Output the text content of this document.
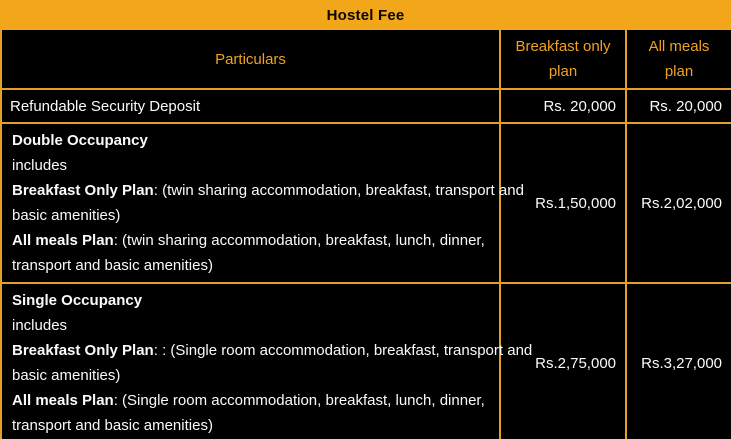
Hostel Fee
Particulars	Breakfast only plan	All meals plan

Refundable Security Deposit	Rs. 20,000	Rs. 20,000

Double Occupancy
includes
Breakfast Only Plan: (twin sharing accommodation, breakfast, transport and
basic amenities)
All meals Plan: (twin sharing accommodation, breakfast, lunch, dinner,
transport and basic amenities)
	Rs.1,50,000	Rs.2,02,000

Single Occupancy
includes
Breakfast Only Plan: : (Single room accommodation, breakfast, transport and
basic amenities)
All meals Plan: (Single room accommodation, breakfast, lunch, dinner,
transport and basic amenities)
	Rs.2,75,000	Rs.3,27,000
